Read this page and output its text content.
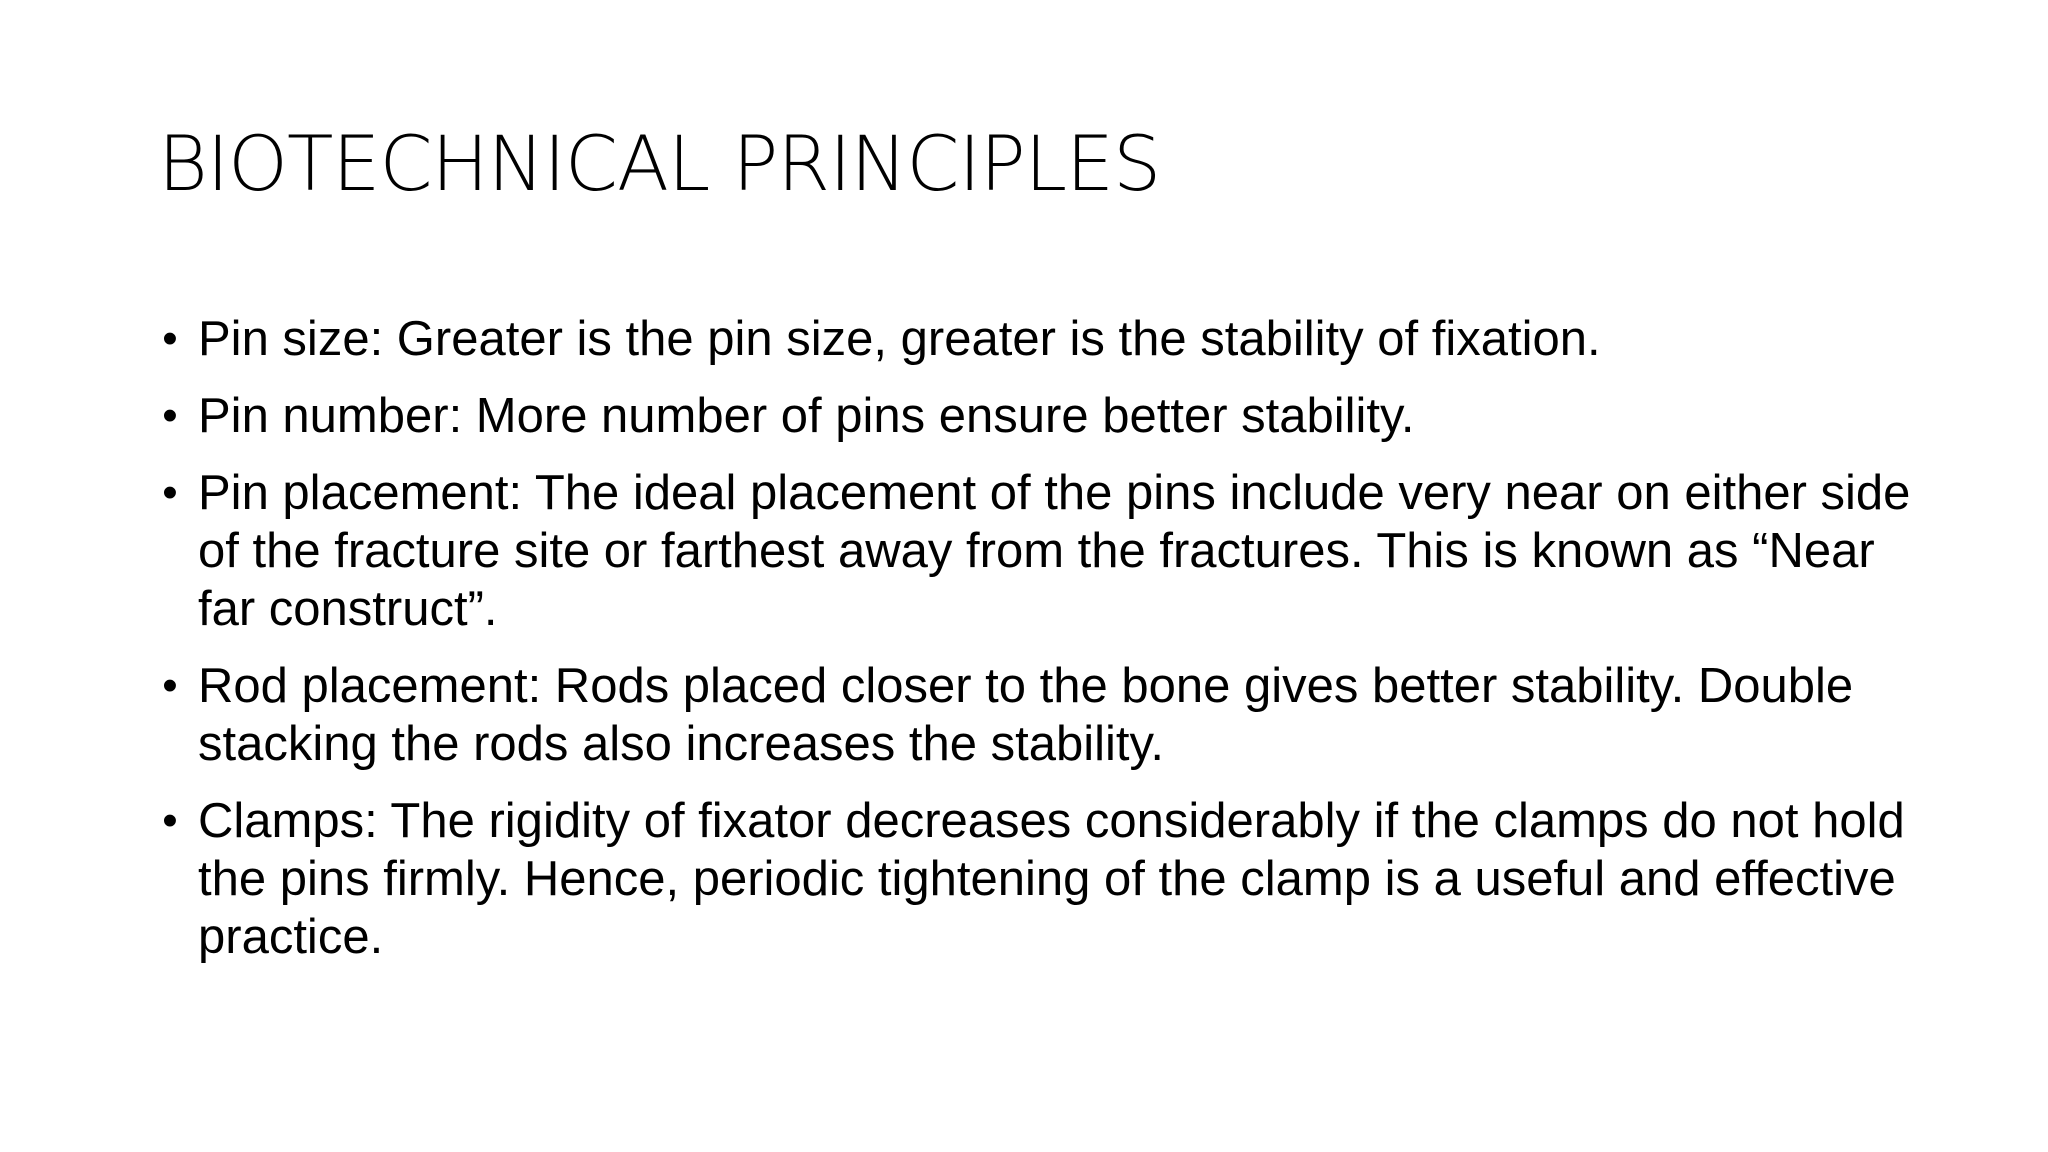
BIOTECHNICAL PRINCIPLES
• Pin size: Greater is the pin size, greater is the stability of fixation.
• Pin number: More number of pins ensure better stability.
• Pin placement: The ideal placement of the pins include very near on either side of the fracture site or farthest away from the fractures. This is known as “Near far construct”.
• Rod placement: Rods placed closer to the bone gives better stability. Double stacking the rods also increases the stability.
• Clamps: The rigidity of fixator decreases considerably if the clamps do not hold the pins firmly. Hence, periodic tightening of the clamp is a useful and effective practice.
